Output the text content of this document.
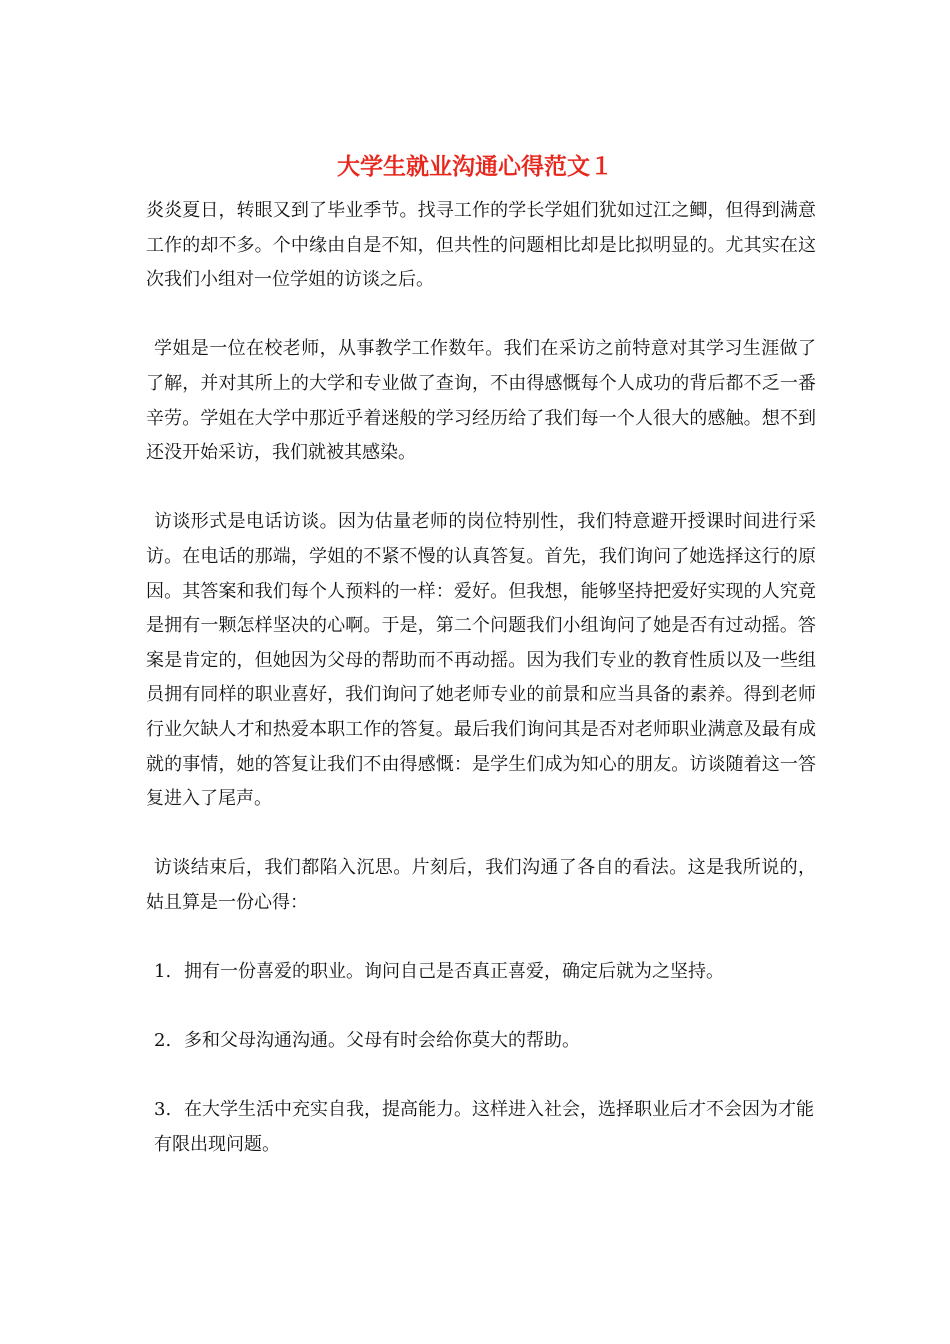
大学生就业沟通心得范文１

炎炎夏日，转眼又到了毕业季节。找寻工作的学长学姐们犹如过江之鲫，但得到满意工作的却不多。个中缘由自是不知，但共性的问题相比却是比拟明显的。尤其实在这次我们小组对一位学姐的访谈之后。

学姐是一位在校老师，从事教学工作数年。我们在采访之前特意对其学习生涯做了了解，并对其所上的大学和专业做了查询，不由得感慨每个人成功的背后都不乏一番辛劳。学姐在大学中那近乎着迷般的学习经历给了我们每一个人很大的感触。想不到还没开始采访，我们就被其感染。

访谈形式是电话访谈。因为估量老师的岗位特别性，我们特意避开授课时间进行采访。在电话的那端，学姐的不紧不慢的认真答复。首先，我们询问了她选择这行的原因。其答案和我们每个人预料的一样：爱好。但我想，能够坚持把爱好实现的人究竟是拥有一颗怎样坚决的心啊。于是，第二个问题我们小组询问了她是否有过动摇。答案是肯定的，但她因为父母的帮助而不再动摇。因为我们专业的教育性质以及一些组员拥有同样的职业喜好，我们询问了她老师专业的前景和应当具备的素养。得到老师行业欠缺人才和热爱本职工作的答复。最后我们询问其是否对老师职业满意及最有成就的事情，她的答复让我们不由得感慨：是学生们成为知心的朋友。访谈随着这一答复进入了尾声。

访谈结束后，我们都陷入沉思。片刻后，我们沟通了各自的看法。这是我所说的，姑且算是一份心得：

1. 拥有一份喜爱的职业。询问自己是否真正喜爱，确定后就为之坚持。
2. 多和父母沟通沟通。父母有时会给你莫大的帮助。
3. 在大学生活中充实自我，提高能力。这样进入社会，选择职业后才不会因为才能有限出现问题。
